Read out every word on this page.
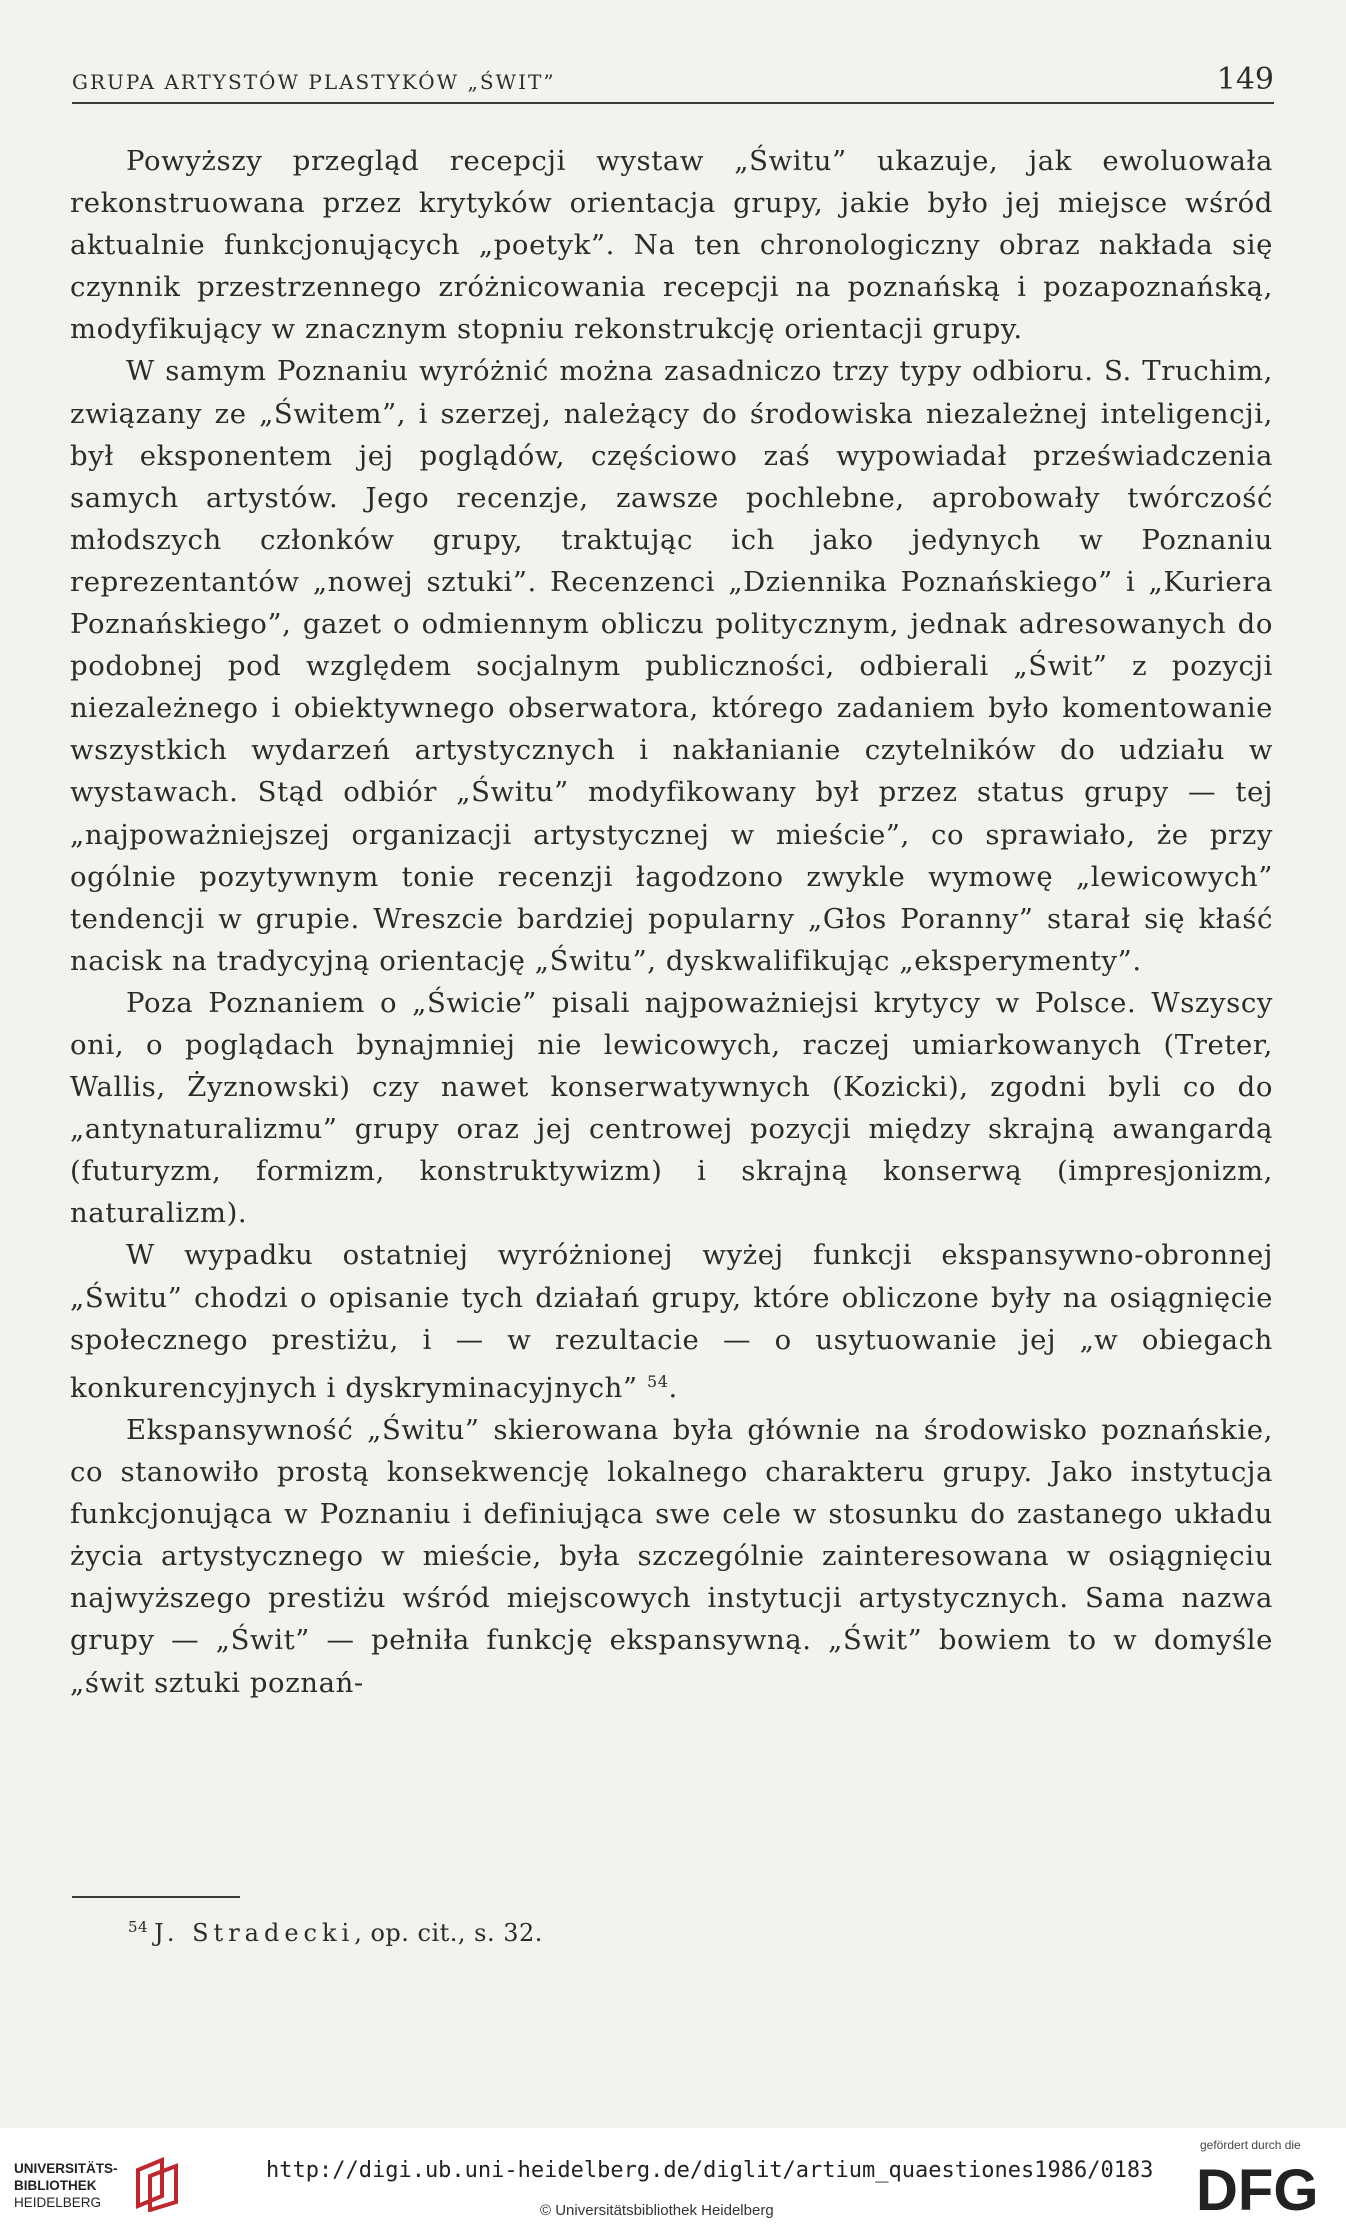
GRUPA ARTYSTÓW PLASTYKÓW „ŚWIT”	149

Powyższy przegląd recepcji wystaw „Świtu” ukazuje, jak ewoluowała rekonstruowana przez krytyków orientacja grupy, jakie było jej miejsce wśród aktualnie funkcjonujących „poetyk”. Na ten chronologiczny obraz nakłada się czynnik przestrzennego zróżnicowania recepcji na poznańską i pozapoznańską, modyfikujący w znacznym stopniu rekonstrukcję orientacji grupy.

W samym Poznaniu wyróżnić można zasadniczo trzy typy odbioru. S. Truchim, związany ze „Świtem”, i szerzej, należący do środowiska niezależnej inteligencji, był eksponentem jej poglądów, częściowo zaś wypowiadał przeświadczenia samych artystów. Jego recenzje, zawsze pochlebne, aprobowały twórczość młodszych członków grupy, traktując ich jako jedynych w Poznaniu reprezentantów „nowej sztuki”. Recenzenci „Dziennika Poznańskiego” i „Kuriera Poznańskiego”, gazet o odmiennym obliczu politycznym, jednak adresowanych do podobnej pod względem socjalnym publiczności, odbierali „Świt” z pozycji niezależnego i obiektywnego obserwatora, którego zadaniem było komentowanie wszystkich wydarzeń artystycznych i nakłanianie czytelników do udziału w wystawach. Stąd odbiór „Świtu” modyfikowany był przez status grupy — tej „najpoważniejszej organizacji artystycznej w mieście”, co sprawiało, że przy ogólnie pozytywnym tonie recenzji łagodzono zwykle wymowę „lewicowych” tendencji w grupie. Wreszcie bardziej popularny „Głos Poranny” starał się kłaść nacisk na tradycyjną orientację „Świtu”, dyskwalifikując „eksperymenty”.

Poza Poznaniem o „Świcie” pisali najpoważniejsi krytycy w Polsce. Wszyscy oni, o poglądach bynajmniej nie lewicowych, raczej umiarkowanych (Treter, Wallis, Żyznowski) czy nawet konserwatywnych (Kozicki), zgodni byli co do „antynaturalizmu” grupy oraz jej centrowej pozycji między skrajną awangardą (futuryzm, formizm, konstruktywizm) i skrajną konserwą (impresjonizm, naturalizm).

W wypadku ostatniej wyróżnionej wyżej funkcji ekspansywno-obronnej „Świtu” chodzi o opisanie tych działań grupy, które obliczone były na osiągnięcie społecznego prestiżu, i — w rezultacie — o usytuowanie jej „w obiegach konkurencyjnych i dyskryminacyjnych” $^{54}$.

Ekspansywność „Świtu” skierowana była głównie na środowisko poznańskie, co stanowiło prostą konsekwencję lokalnego charakteru grupy. Jako instytucja funkcjonująca w Poznaniu i definiująca swe cele w stosunku do zastanego układu życia artystycznego w mieście, była szczególnie zainteresowana w osiągnięciu najwyższego prestiżu wśród miejscowych instytucji artystycznych. Sama nazwa grupy — „Świt” — pełniła funkcję ekspansywną. „Świt” bowiem to w domyśle „świt sztuki poznań-

$^{54}$ J. Stradecki, op. cit., s. 32.
UNIVERSITÄTS-
BIBLIOTHEK
HEIDELBERG
http://digi.ub.uni-heidelberg.de/diglit/artium_quaestiones1986/0183
© Universitätsbibliothek Heidelberg
gefördert durch die
DFG
